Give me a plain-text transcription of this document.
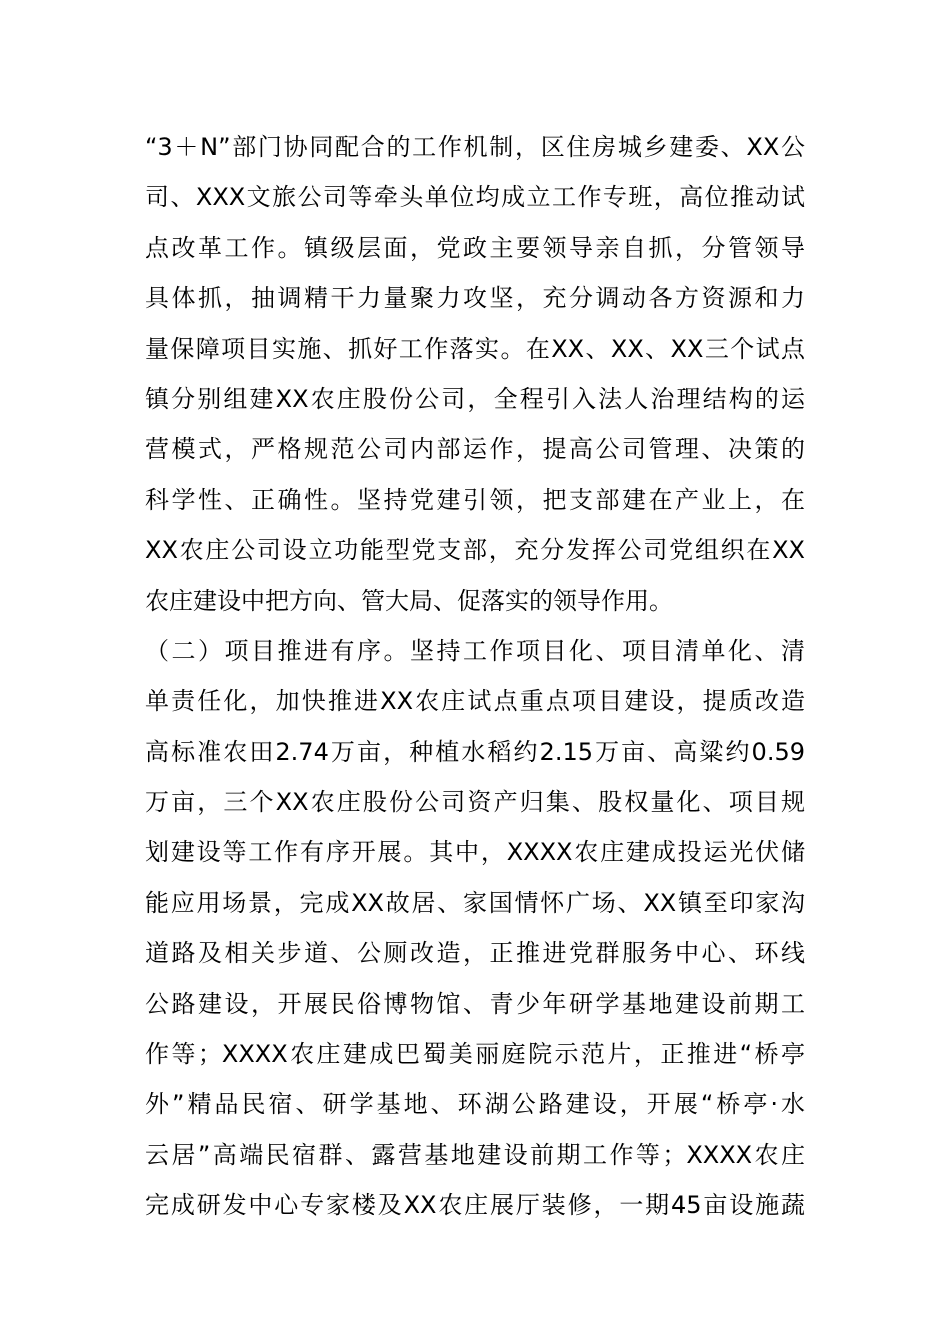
“3＋N”部门协同配合的工作机制，区住房城乡建委、XX公
司、XXX文旅公司等牵头单位均成立工作专班，高位推动试
点改革工作。镇级层面，党政主要领导亲自抓，分管领导
具体抓，抽调精干力量聚力攻坚，充分调动各方资源和力
量保障项目实施、抓好工作落实。在XX、XX、XX三个试点
镇分别组建XX农庄股份公司，全程引入法人治理结构的运
营模式，严格规范公司内部运作，提高公司管理、决策的
科学性、正确性。坚持党建引领，把支部建在产业上，在
XX农庄公司设立功能型党支部，充分发挥公司党组织在XX
农庄建设中把方向、管大局、促落实的领导作用。
（二）项目推进有序。坚持工作项目化、项目清单化、清
单责任化，加快推进XX农庄试点重点项目建设，提质改造
高标准农田2.74万亩，种植水稻约2.15万亩、高粱约0.59
万亩，三个XX农庄股份公司资产归集、股权量化、项目规
划建设等工作有序开展。其中，XXXX农庄建成投运光伏储
能应用场景，完成XX故居、家国情怀广场、XX镇至印家沟
道路及相关步道、公厕改造，正推进党群服务中心、环线
公路建设，开展民俗博物馆、青少年研学基地建设前期工
作等；XXXX农庄建成巴蜀美丽庭院示范片，正推进“桥亭
外”精品民宿、研学基地、环湖公路建设，开展“桥亭·水
云居”高端民宿群、露营基地建设前期工作等；XXXX农庄
完成研发中心专家楼及XX农庄展厅装修，一期45亩设施蔬
